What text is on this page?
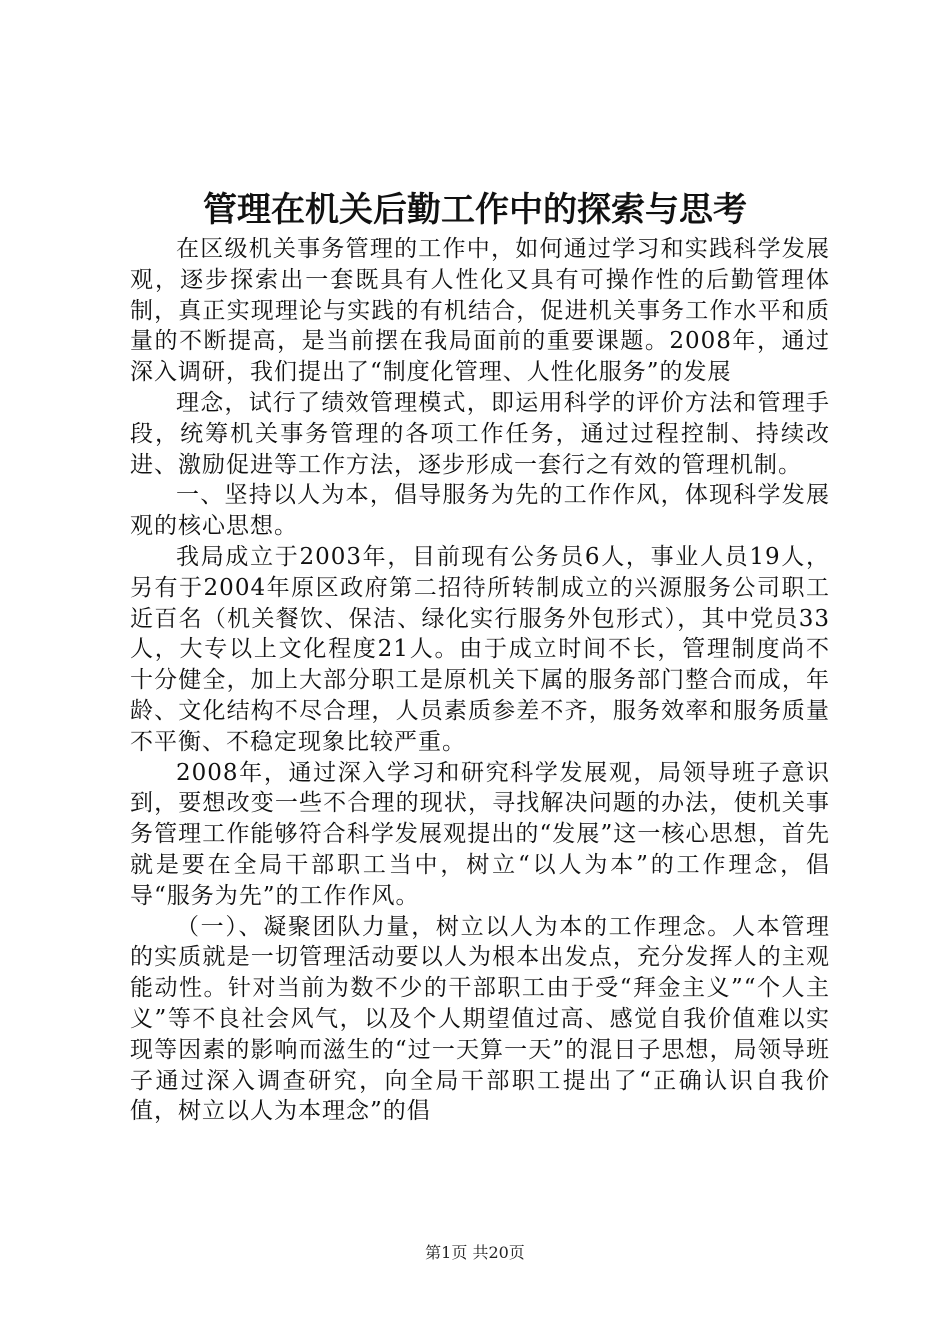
管理在机关后勤工作中的探索与思考

在区级机关事务管理的工作中，如何通过学习和实践科学发展观，逐步探索出一套既具有人性化又具有可操作性的后勤管理体制，真正实现理论与实践的有机结合，促进机关事务工作水平和质量的不断提高，是当前摆在我局面前的重要课题。2008年，通过深入调研，我们提出了“制度化管理、人性化服务”的发展

理念，试行了绩效管理模式，即运用科学的评价方法和管理手段，统筹机关事务管理的各项工作任务，通过过程控制、持续改进、激励促进等工作方法，逐步形成一套行之有效的管理机制。

一、坚持以人为本，倡导服务为先的工作作风，体现科学发展观的核心思想。

我局成立于2003年，目前现有公务员6人，事业人员19人，另有于2004年原区政府第二招待所转制成立的兴源服务公司职工近百名（机关餐饮、保洁、绿化实行服务外包形式），其中党员33人，大专以上文化程度21人。由于成立时间不长，管理制度尚不十分健全，加上大部分职工是原机关下属的服务部门整合而成，年龄、文化结构不尽合理，人员素质参差不齐，服务效率和服务质量不平衡、不稳定现象比较严重。

2008年，通过深入学习和研究科学发展观，局领导班子意识到，要想改变一些不合理的现状，寻找解决问题的办法，使机关事务管理工作能够符合科学发展观提出的“发展”这一核心思想，首先就是要在全局干部职工当中，树立“以人为本”的工作理念，倡导“服务为先”的工作作风。

（一）、凝聚团队力量，树立以人为本的工作理念。人本管理的实质就是一切管理活动要以人为根本出发点，充分发挥人的主观能动性。针对当前为数不少的干部职工由于受“拜金主义”“个人主义”等不良社会风气，以及个人期望值过高、感觉自我价值难以实现等因素的影响而滋生的“过一天算一天”的混日子思想，局领导班子通过深入调查研究，向全局干部职工提出了“正确认识自我价值，树立以人为本理念”的倡

第1页 共20页
